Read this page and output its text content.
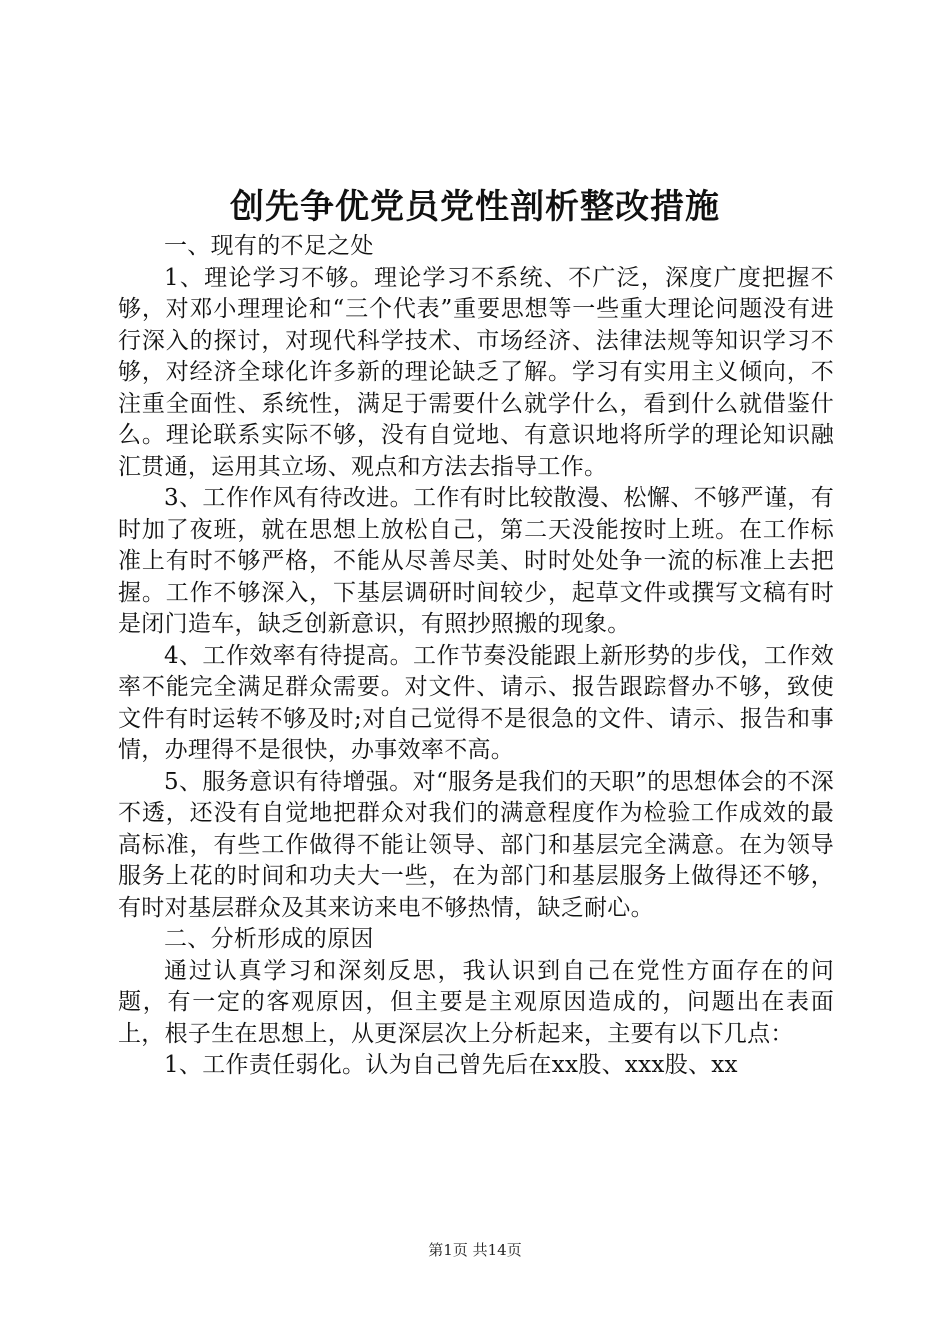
创先争优党员党性剖析整改措施

一、现有的不足之处

1、理论学习不够。理论学习不系统、不广泛，深度广度把握不够，对邓小理理论和“三个代表”重要思想等一些重大理论问题没有进行深入的探讨，对现代科学技术、市场经济、法律法规等知识学习不够，对经济全球化许多新的理论缺乏了解。学习有实用主义倾向，不注重全面性、系统性，满足于需要什么就学什么，看到什么就借鉴什么。理论联系实际不够，没有自觉地、有意识地将所学的理论知识融汇贯通，运用其立场、观点和方法去指导工作。

3、工作作风有待改进。工作有时比较散漫、松懈、不够严谨，有时加了夜班，就在思想上放松自己，第二天没能按时上班。在工作标准上有时不够严格，不能从尽善尽美、时时处处争一流的标准上去把握。工作不够深入，下基层调研时间较少，起草文件或撰写文稿有时是闭门造车，缺乏创新意识，有照抄照搬的现象。

4、工作效率有待提高。工作节奏没能跟上新形势的步伐，工作效率不能完全满足群众需要。对文件、请示、报告跟踪督办不够，致使文件有时运转不够及时;对自己觉得不是很急的文件、请示、报告和事情，办理得不是很快，办事效率不高。

5、服务意识有待增强。对“服务是我们的天职”的思想体会的不深不透，还没有自觉地把群众对我们的满意程度作为检验工作成效的最高标准，有些工作做得不能让领导、部门和基层完全满意。在为领导服务上花的时间和功夫大一些，在为部门和基层服务上做得还不够，有时对基层群众及其来访来电不够热情，缺乏耐心。

二、分析形成的原因

通过认真学习和深刻反思，我认识到自己在党性方面存在的问题，有一定的客观原因，但主要是主观原因造成的，问题出在表面上，根子生在思想上，从更深层次上分析起来，主要有以下几点：

1、工作责任弱化。认为自己曾先后在xx股、xxx股、xx

第1页 共14页
